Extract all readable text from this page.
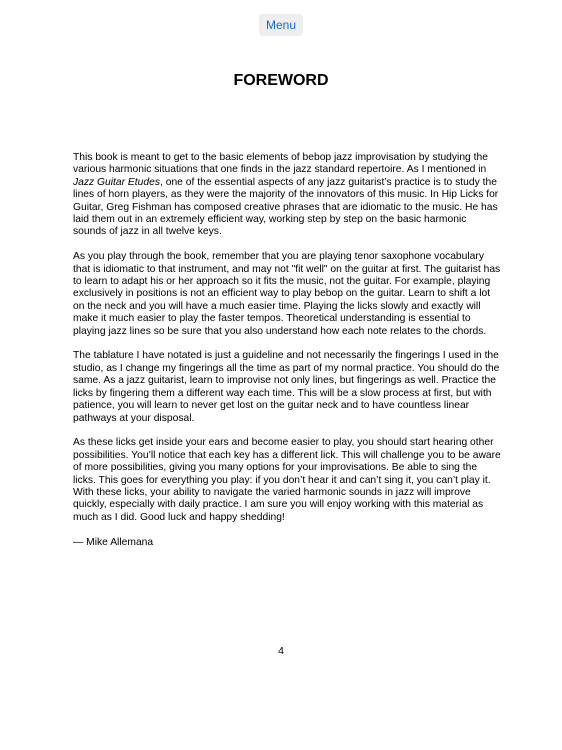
Menu
FOREWORD

This book is meant to get to the basic elements of bebop jazz improvisation by studying the various harmonic situations that one finds in the jazz standard repertoire. As I mentioned in Jazz Guitar Etudes, one of the essential aspects of any jazz guitarist’s practice is to study the lines of horn players, as they were the majority of the innovators of this music. In Hip Licks for Guitar, Greg Fishman has composed creative phrases that are idiomatic to the music. He has laid them out in an extremely efficient way, working step by step on the basic harmonic sounds of jazz in all twelve keys.

As you play through the book, remember that you are playing tenor saxophone vocabulary that is idiomatic to that instrument, and may not "fit well" on the guitar at first. The guitarist has to learn to adapt his or her approach so it fits the music, not the guitar. For example, playing exclusively in positions is not an efficient way to play bebop on the guitar. Learn to shift a lot on the neck and you will have a much easier time. Playing the licks slowly and exactly will make it much easier to play the faster tempos. Theoretical understanding is essential to playing jazz lines so be sure that you also understand how each note relates to the chords.

The tablature I have notated is just a guideline and not necessarily the fingerings I used in the studio, as I change my fingerings all the time as part of my normal practice. You should do the same. As a jazz guitarist, learn to improvise not only lines, but fingerings as well. Practice the licks by fingering them a different way each time. This will be a slow process at first, but with patience, you will learn to never get lost on the guitar neck and to have countless linear pathways at your disposal.

As these licks get inside your ears and become easier to play, you should start hearing other possibilities. You’ll notice that each key has a different lick. This will challenge you to be aware of more possibilities, giving you many options for your improvisations. Be able to sing the licks. This goes for everything you play: if you don’t hear it and can’t sing it, you can’t play it. With these licks, your ability to navigate the varied harmonic sounds in jazz will improve quickly, especially with daily practice. I am sure you will enjoy working with this material as much as I did. Good luck and happy shedding!

— Mike Allemana
4
